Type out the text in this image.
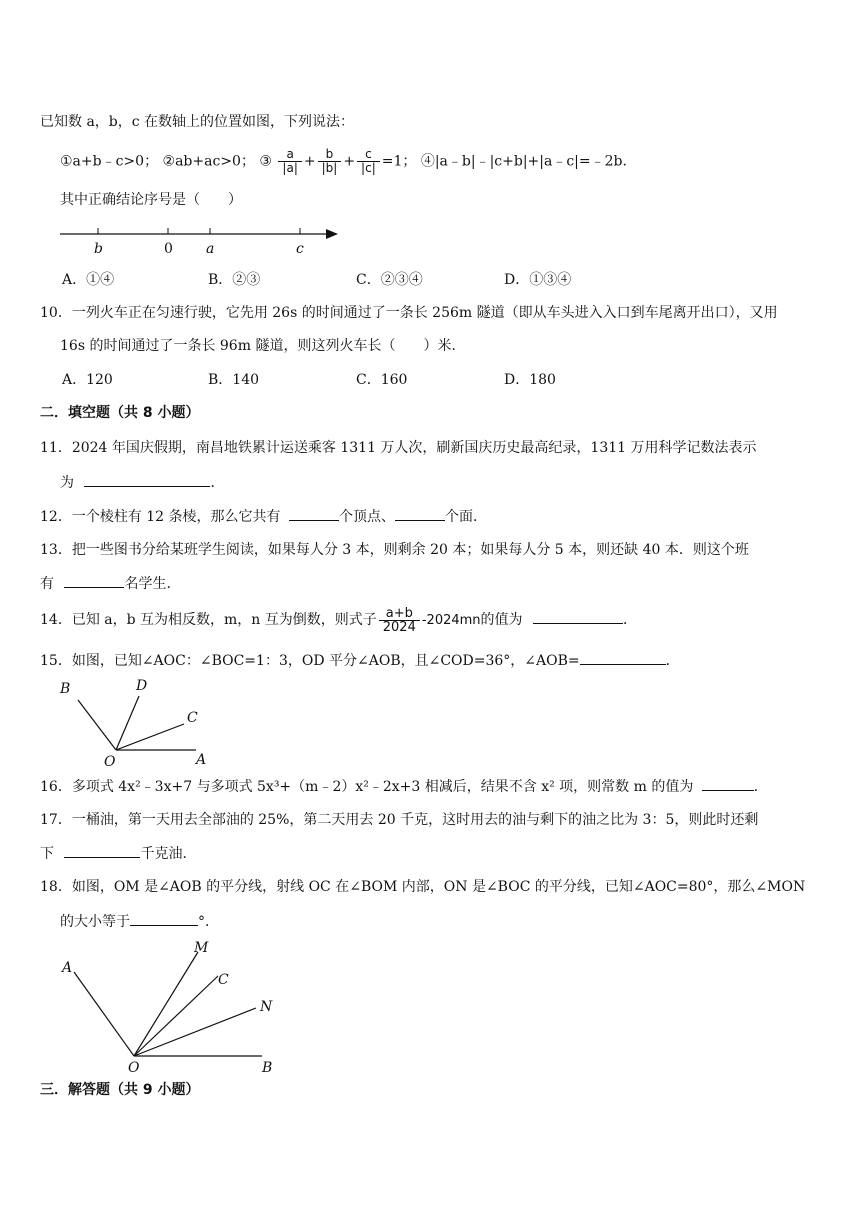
已知数 a，b，c 在数轴上的位置如图，下列说法：
①a+b﹣c>0； ②ab+ac>0； ③ $\frac{a}{|a|} + \frac{b}{|b|} + \frac{c}{|c|} =1$； ④|a﹣b|﹣|c+b|+|a﹣c|=﹣2b．
其中正确结论序号是（　　）
b	0 a	c
A．①④	B．②③	C．②③④	D．①③④
10．一列火车正在匀速行驶，它先用 26s 的时间通过了一条长 256m 隧道（即从车头进入入口到车尾离开出口），又用
16s 的时间通过了一条长 96m 隧道，则这列火车长（　　）米．
A．120	B．140	C．160	D．180
二．填空题（共 8 小题）
11．2024 年国庆假期，南昌地铁累计运送乘客 1311 万人次，刷新国庆历史最高纪录，1311 万用科学记数法表示
为	．
12．一个棱柱有 12 条棱，那么它共有	个顶点、	个面．
13．把一些图书分给某班学生阅读，如果每人分 3 本，则剩余 20 本；如果每人分 5 本，则还缺 40 本．则这个班
有	名学生．
14．已知 a，b 互为相反数，m，n 互为倒数，则式子 $\frac{a+b}{2024} -2024mn$的值为	．
15．如图，已知∠AOC：∠BOC=1：3，OD 平分∠AOB，且∠COD=36°，∠AOB=	．
B	D
C
O	A
16．多项式 4x²﹣3x+7 与多项式 5x³+（m﹣2）x²﹣2x+3 相减后，结果不含 x² 项，则常数 m 的值为	．
17．一桶油，第一天用去全部油的 25%，第二天用去 20 千克，这时用去的油与剩下的油之比为 3：5，则此时还剩
下	千克油．
18．如图，OM 是∠AOB 的平分线，射线 OC 在∠BOM 内部，ON 是∠BOC 的平分线，已知∠AOC=80°，那么∠MON
的大小等于	°．
A
M
C
N
O	B
三．解答题（共 9 小题）
